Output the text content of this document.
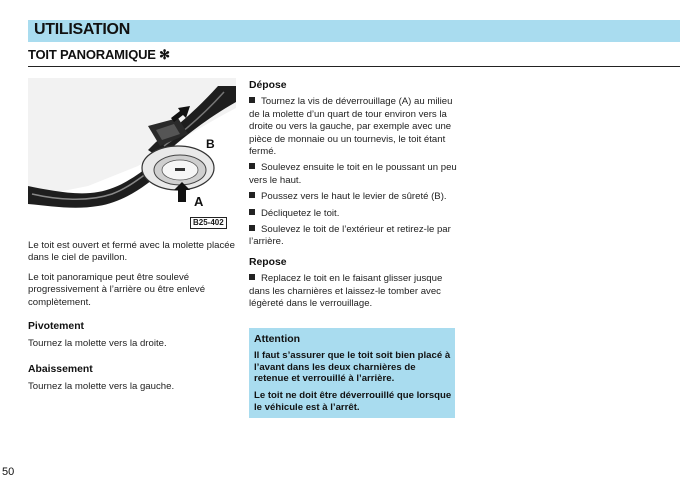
UTILISATION
TOIT PANORAMIQUE ✻
A
B
B25-402

Le toit est ouvert et fermé avec la molette placée dans le ciel de pavillon.

Le toit panoramique peut être soulevé progressivement à l’arrière ou être enlevé complètement.

Pivotement

Tournez la molette vers la droite.

Abaissement

Tournez la molette vers la gauche.

Dépose

Tournez la vis de déverrouillage (A) au milieu de la molette d’un quart de tour environ vers la droite ou vers la gauche, par exemple avec une pièce de monnaie ou un tournevis, le toit étant fermé.

Soulevez ensuite le toit en le poussant un peu vers le haut.

Poussez vers le haut le levier de sûreté (B).

Décliquetez le toit.

Soulevez le toit de l’extérieur et retirez-le par l’arrière.

Repose

Replacez le toit en le faisant glisser jusque dans les charnières et laissez-le tomber avec légèreté dans le verrouillage.

Attention

Il faut s’assurer que le toit soit bien placé à l’avant dans les deux charnières de retenue et verrouillé à l’arrière.

Le toit ne doit être déverrouillé que lorsque le véhicule est à l’arrêt.

50
